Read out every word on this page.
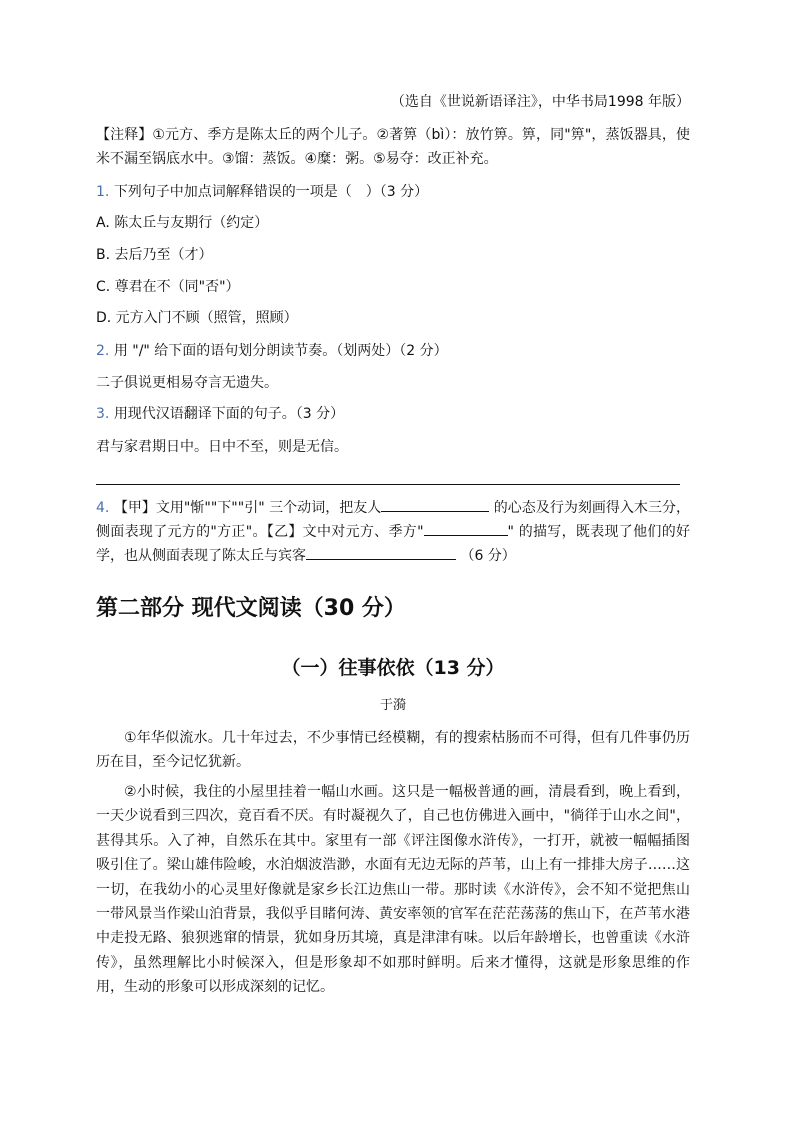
（选自《世说新语译注》，中华书局1998 年版）
【注释】①元方、季方是陈太丘的两个儿子。②著箅（bì）：放竹箅。箅，同"箅"，蒸饭器具，使米不漏至锅底水中。③馏：蒸饭。④糜：粥。⑤易夺：改正补充。
1. 下列句子中加点词解释错误的一项是（　）（3 分）
A. 陈太丘与友期行（约定）
B. 去后乃至（才）
C. 尊君在不（同"否"）
D. 元方入门不顾（照管，照顾）
2. 用 "/" 给下面的语句划分朗读节奏。（划两处）（2 分）
二子俱说更相易夺言无遗失。
3. 用现代汉语翻译下面的句子。（3 分）
君与家君期日中。日中不至，则是无信。
4. 【甲】文用"惭""下""引" 三个动词，把友人	的心态及行为刻画得入木三分，侧面表现了元方的"方正"。【乙】文中对元方、季方"	" 的描写，既表现了他们的好学，也从侧面表现了陈太丘与宾客	（6 分）
第二部分 现代文阅读（30 分）
（一）往事依依（13 分）
于漪
①年华似流水。几十年过去，不少事情已经模糊，有的搜索枯肠而不可得，但有几件事仍历历在目，至今记忆犹新。
②小时候，我住的小屋里挂着一幅山水画。这只是一幅极普通的画，清晨看到，晚上看到，一天少说看到三四次，竟百看不厌。有时凝视久了，自己也仿佛进入画中，"徜徉于山水之间"，甚得其乐。入了神，自然乐在其中。家里有一部《评注图像水浒传》，一打开，就被一幅幅插图吸引住了。梁山雄伟险峻，水泊烟波浩渺，水面有无边无际的芦苇，山上有一排排大房子……这一切，在我幼小的心灵里好像就是家乡长江边焦山一带。那时读《水浒传》，会不知不觉把焦山一带风景当作梁山泊背景，我似乎目睹何涛、黄安率领的官军在茫茫荡荡的焦山下，在芦苇水港中走投无路、狼狈逃窜的情景，犹如身历其境，真是津津有味。以后年龄增长，也曾重读《水浒传》，虽然理解比小时候深入，但是形象却不如那时鲜明。后来才懂得，这就是形象思维的作用，生动的形象可以形成深刻的记忆。
